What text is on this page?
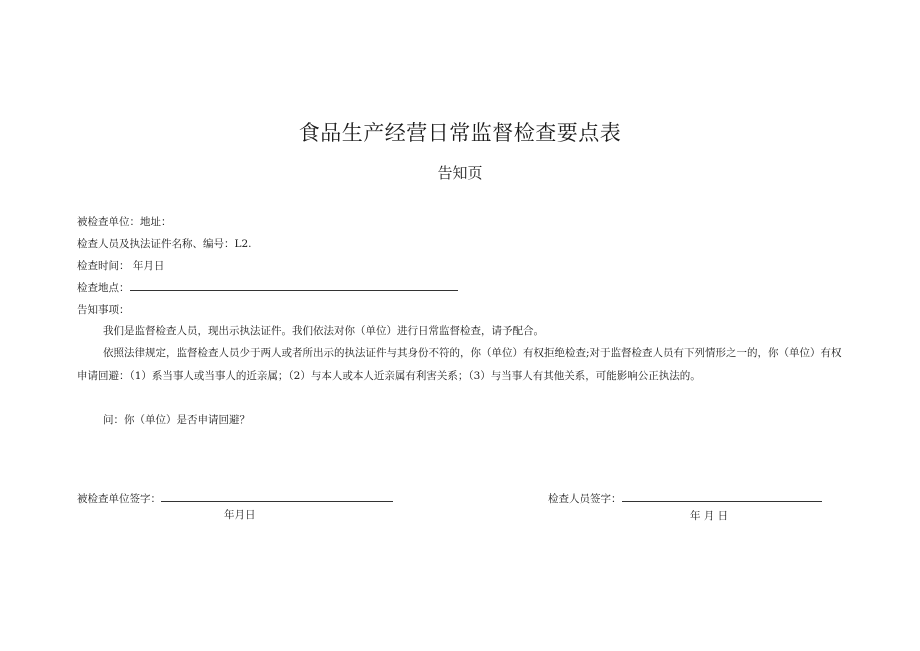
食品生产经营日常监督检查要点表
告知页
被检查单位：地址：
检查人员及执法证件名称、编号：L2.
检查时间： 年月日
检查地点：
告知事项：

我们是监督检查人员，现出示执法证件。我们依法对你（单位）进行日常监督检查，请予配合。

依照法律规定，监督检查人员少于两人或者所出示的执法证件与其身份不符的，你（单位）有权拒绝检查;对于监督检查人员有下列情形之一的，你（单位）有权申请回避：（1）系当事人或当事人的近亲属；（2）与本人或本人近亲属有利害关系；（3）与当事人有其他关系，可能影响公正执法的。

问：你（单位）是否申请回避？

被检查单位签字：
年月日
检查人员签字：
年 月 日
